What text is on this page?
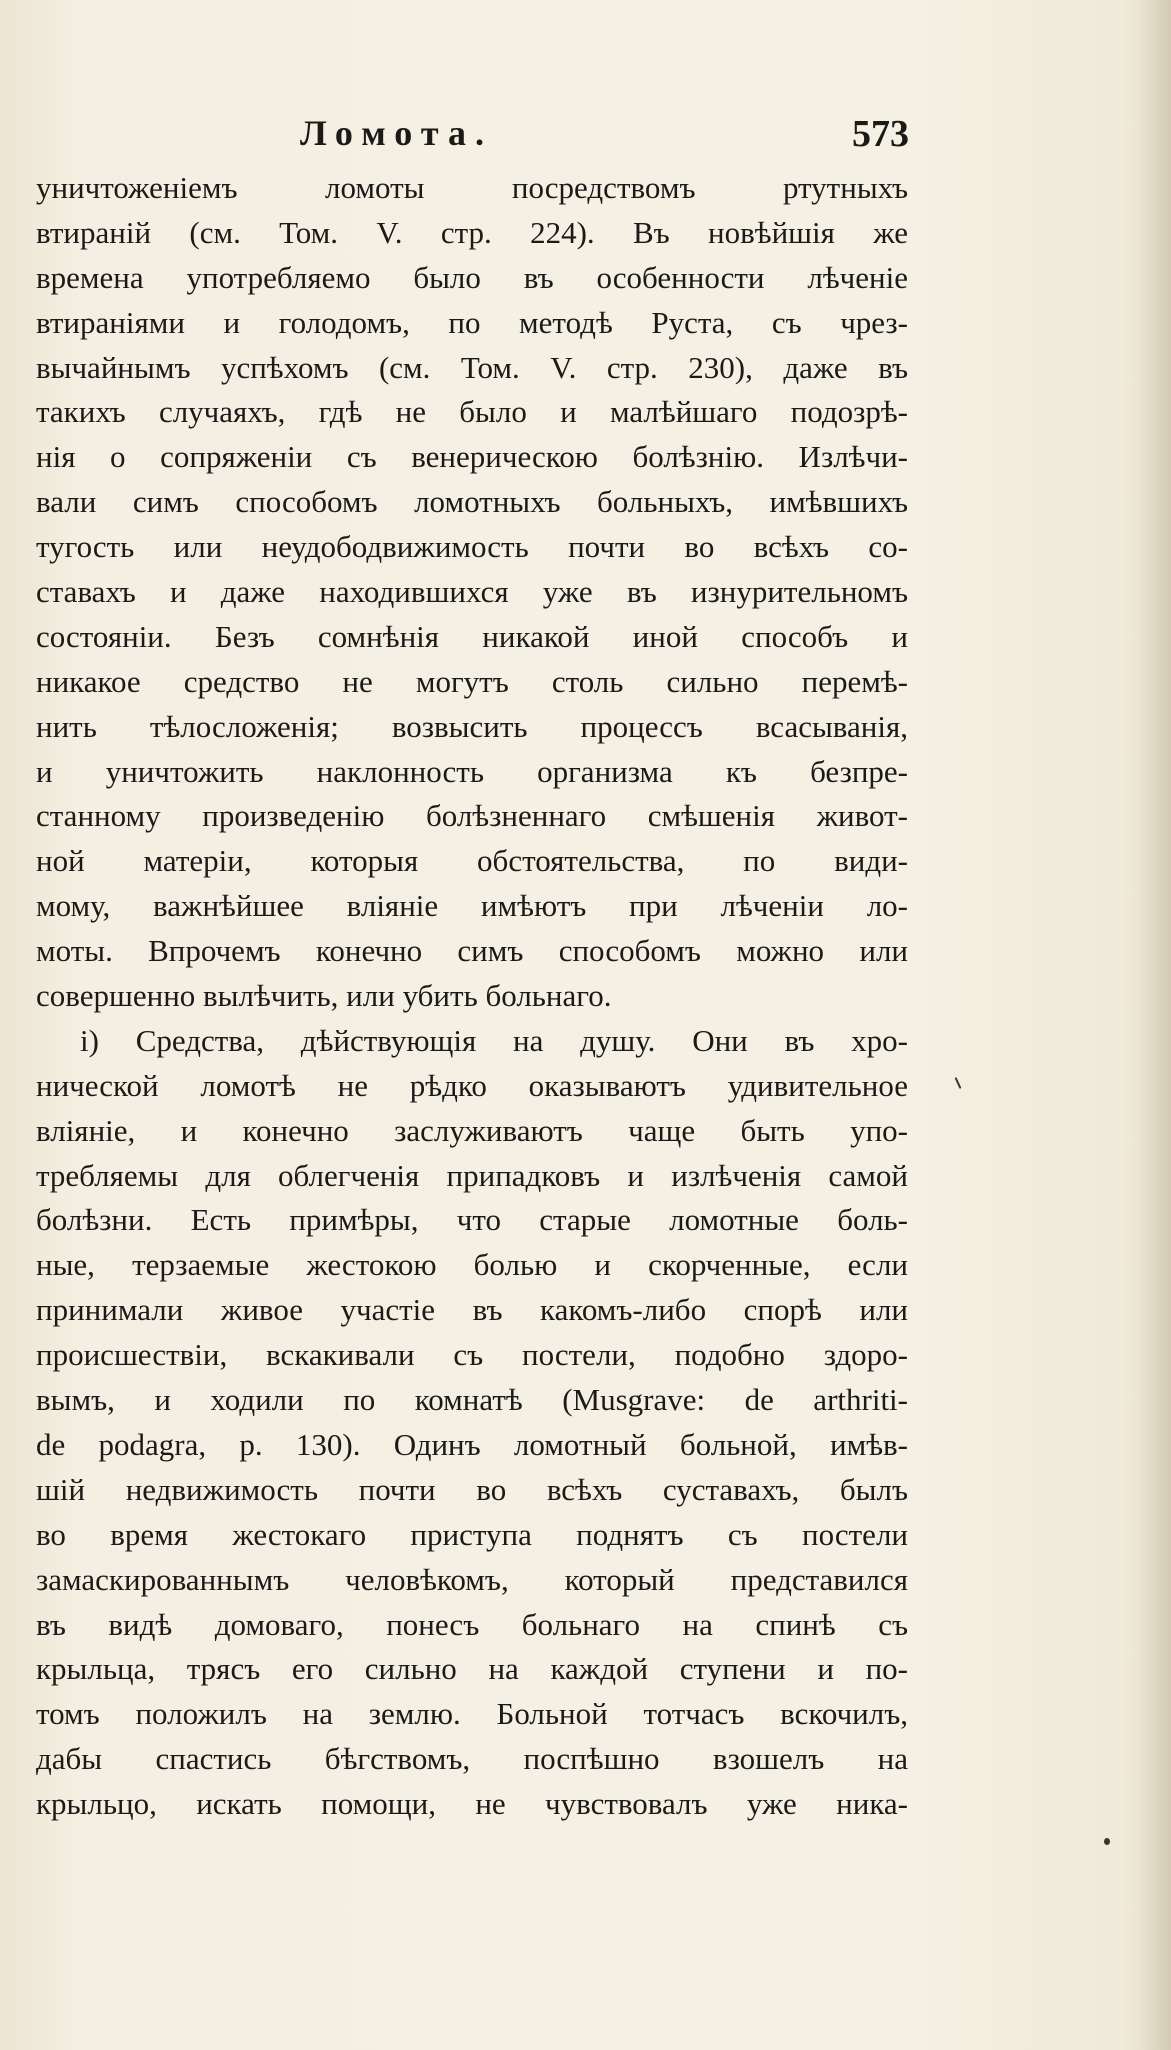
Ломота.	573
уничтоженіемъ ломоты посредствомъ ртутныхъ
втираній (см. Том. V. стр. 224). Въ новѣйшія же
времена употребляемо было въ особенности лѣченіе
втираніями и голодомъ, по методѣ Руста, съ чрез-
вычайнымъ успѣхомъ (см. Том. V. стр. 230), даже въ
такихъ случаяхъ, гдѣ не было и малѣйшаго подозрѣ-
нія о сопряженіи съ венерическою болѣзнію. Излѣчи-
вали симъ способомъ ломотныхъ больныхъ, имѣвшихъ
тугость или неудободвижимость почти во всѣхъ со-
ставахъ и даже находившихся уже въ изнурительномъ
состояніи. Безъ сомнѣнія никакой иной способъ и
никакое средство не могутъ столь сильно перемѣ-
нить тѣлосложенія; возвысить процессъ всасыванія,
и уничтожить наклонность организма къ безпре-
станному произведенію болѣзненнаго смѣшенія живот-
ной матеріи, которыя обстоятельства, по види-
мому, важнѣйшее вліяніе имѣютъ при лѣченіи ло-
моты. Впрочемъ конечно симъ способомъ можно или
совершенно вылѣчить, или убить больнаго.
i) Средства, дѣйствующія на душу. Они въ хро-
нической ломотѣ не рѣдко оказываютъ удивительное
вліяніе, и конечно заслуживаютъ чаще быть упо-
требляемы для облегченія припадковъ и излѣченія самой
болѣзни. Есть примѣры, что старые ломотные боль-
ные, терзаемые жестокою болью и скорченные, если
принимали живое участіе въ какомъ-либо спорѣ или
происшествіи, вскакивали съ постели, подобно здоро-
вымъ, и ходили по комнатѣ (Musgrave: de arthriti-
de podagra, p. 130). Одинъ ломотный больной, имѣв-
шій недвижимость почти во всѣхъ суставахъ, былъ
во время жестокаго приступа поднятъ съ постели
замаскированнымъ человѣкомъ, который представился
въ видѣ домоваго, понесъ больнаго на спинѣ съ
крыльца, трясъ его сильно на каждой ступени и по-
томъ положилъ на землю. Больной тотчасъ вскочилъ,
дабы спастись бѣгствомъ, поспѣшно взошелъ на
крыльцо, искать помощи, не чувствовалъ уже ника-
